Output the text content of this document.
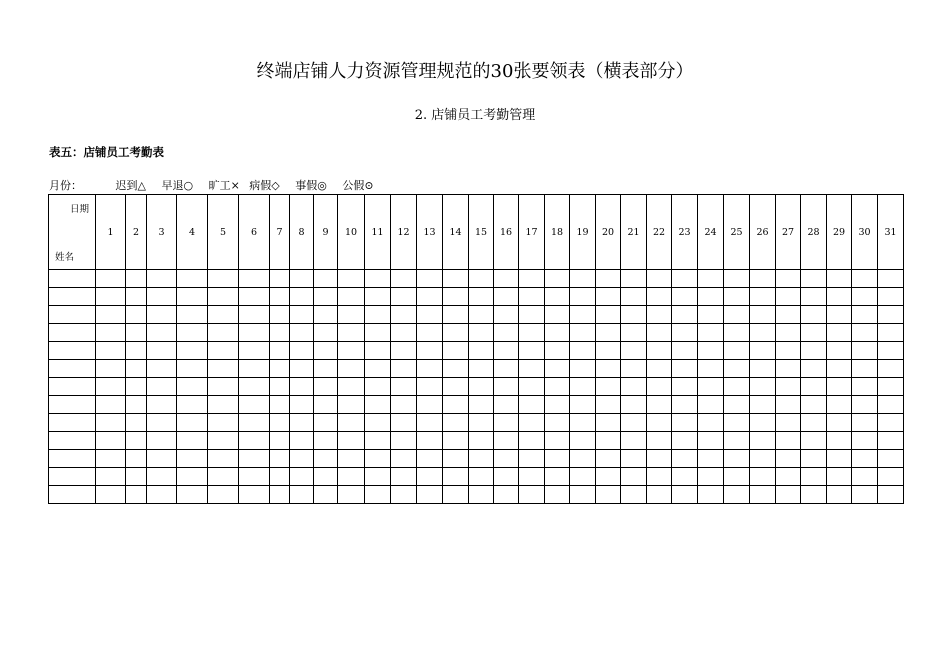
终端店铺人力资源管理规范的30张要领表（横表部分）
2. 店铺员工考勤管理
表五：店铺员工考勤表
月份：	迟到△ 早退○ 旷工× 病假◇ 事假◎ 公假⊙
日期
姓名	1	2	3	4	5	6	7	8	9	10	11	12	13	14	15	16	17	18	19	20	21	22	23	24	25	26	27	28	29	30	31
